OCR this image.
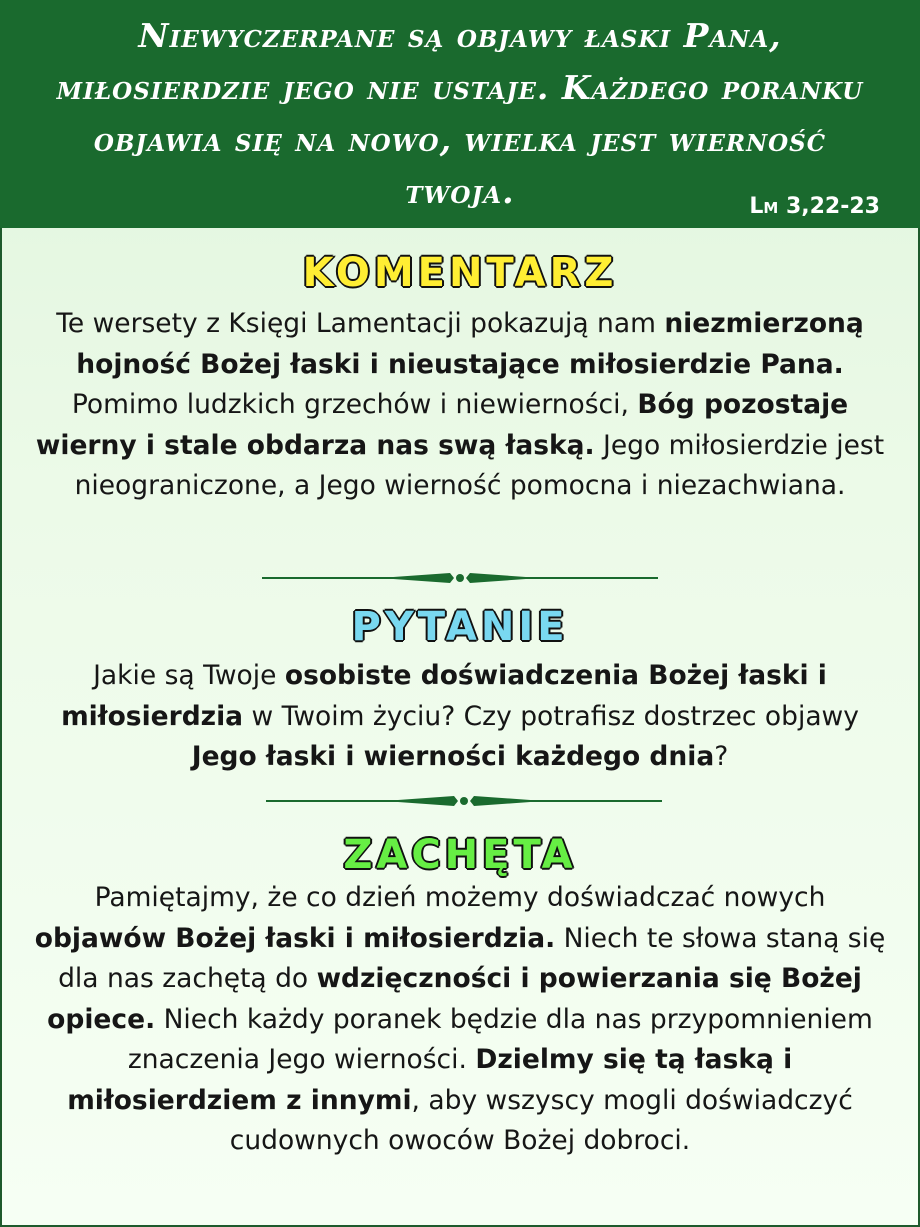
Niewyczerpane są objawy łaski Pana, miłosierdzie jego nie ustaje. Każdego poranku objawia się na nowo, wielka jest wierność twoja.	Lm 3,22-23
KOMENTARZ
Te wersety z Księgi Lamentacji pokazują nam niezmierzoną hojność Bożej łaski i nieustające miłosierdzie Pana. Pomimo ludzkich grzechów i niewierności, Bóg pozostaje wierny i stale obdarza nas swą łaską. Jego miłosierdzie jest nieograniczone, a Jego wierność pomocna i niezachwiana.
PYTANIE
Jakie są Twoje osobiste doświadczenia Bożej łaski i miłosierdzia w Twoim życiu? Czy potrafisz dostrzec objawy Jego łaski i wierności każdego dnia?
ZACHĘTA
Pamiętajmy, że co dzień możemy doświadczać nowych objawów Bożej łaski i miłosierdzia. Niech te słowa staną się dla nas zachętą do wdzięczności i powierzania się Bożej opiece. Niech każdy poranek będzie dla nas przypomnieniem znaczenia Jego wierności. Dzielmy się tą łaską i miłosierdziem z innymi, aby wszyscy mogli doświadczyć cudownych owoców Bożej dobroci.
